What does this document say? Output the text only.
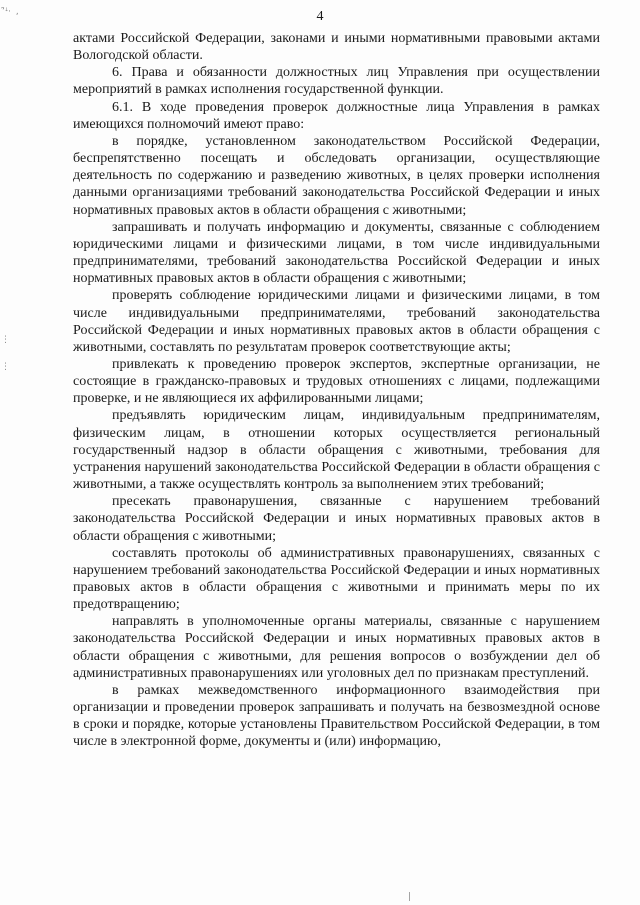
’̑ꜜ·  ‚
⋮
⋮
|
4

актами Российской Федерации, законами и иными нормативными правовыми актами Вологодской области.

6. Права и обязанности должностных лиц Управления при осуществлении мероприятий в рамках исполнения государственной функции.

6.1. В ходе проведения проверок должностные лица Управления в рамках имеющихся полномочий имеют право:

в порядке, установленном законодательством Российской Федерации, беспрепятственно посещать и обследовать организации, осуществляющие деятельность по содержанию и разведению животных, в целях проверки исполнения данными организациями требований законодательства Российской Федерации и иных нормативных правовых актов в области обращения с животными;

запрашивать и получать информацию и документы, связанные с соблюдением юридическими лицами и физическими лицами, в том числе индивидуальными предпринимателями, требований законодательства Российской Федерации и иных нормативных правовых актов в области обращения с животными;

проверять соблюдение юридическими лицами и физическими лицами, в том числе индивидуальными предпринимателями, требований законодательства Российской Федерации и иных нормативных правовых актов в области обращения с животными, составлять по результатам проверок соответствующие акты;

привлекать к проведению проверок экспертов, экспертные организации, не состоящие в гражданско-правовых и трудовых отношениях с лицами, подлежащими проверке, и не являющиеся их аффилированными лицами;

предъявлять юридическим лицам, индивидуальным предпринимателям, физическим лицам, в отношении которых осуществляется региональный государственный надзор в области обращения с животными, требования для устранения нарушений законодательства Российской Федерации в области обращения с животными, а также осуществлять контроль за выполнением этих требований;

пресекать правонарушения, связанные с нарушением требований законодательства Российской Федерации и иных нормативных правовых актов в области обращения с животными;

составлять протоколы об административных правонарушениях, связанных с нарушением требований законодательства Российской Федерации и иных нормативных правовых актов в области обращения с животными и принимать меры по их предотвращению;

направлять в уполномоченные органы материалы, связанные с нарушением законодательства Российской Федерации и иных нормативных правовых актов в области обращения с животными, для решения вопросов о возбуждении дел об административных правонарушениях или уголовных дел по признакам преступлений.

в рамках межведомственного информационного взаимодействия при организации и проведении проверок запрашивать и получать на безвозмездной основе в сроки и порядке, которые установлены Правительством Российской Федерации, в том числе в электронной форме, документы и (или) информацию,
